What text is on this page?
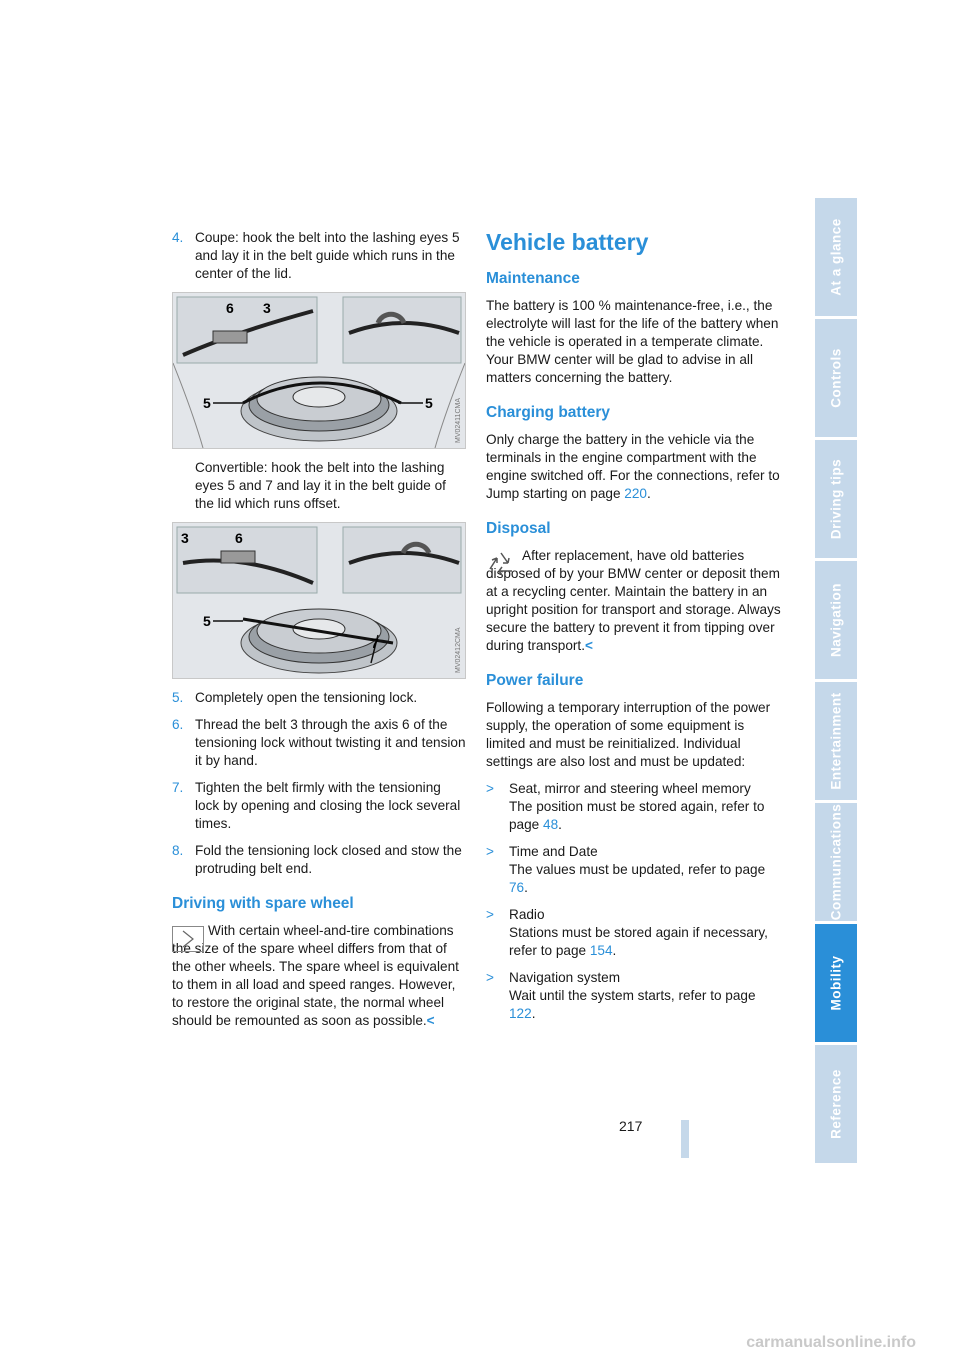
4. Coupe: hook the belt into the lashing eyes 5 and lay it in the belt guide which runs in the center of the lid.
6 3
5	5	MV02411CMA

Convertible: hook the belt into the lashing eyes 5 and 7 and lay it in the belt guide of the lid which runs offset.

3	6
5
7	MV02412CMA
5. Completely open the tensioning lock.
6. Thread the belt 3 through the axis 6 of the tensioning lock without twisting it and tension it by hand.
7. Tighten the belt firmly with the tensioning lock by opening and closing the lock several times.
8. Fold the tensioning lock closed and stow the protruding belt end.
Driving with spare wheel

With certain wheel-and-tire combinations the size of the spare wheel differs from that of the other wheels. The spare wheel is equivalent to them in all load and speed ranges. However, to restore the original state, the normal wheel should be remounted as soon as possible.<

Vehicle battery
Maintenance

The battery is 100 % maintenance-free, i.e., the electrolyte will last for the life of the battery when the vehicle is operated in a temperate climate.

Your BMW center will be glad to advise in all matters concerning the battery.

Charging battery

Only charge the battery in the vehicle via the terminals in the engine compartment with the engine switched off. For the connections, refer to Jump starting on page 220.

Disposal

After replacement, have old batteries disposed of by your BMW center or deposit them at a recycling center. Maintain the battery in an upright position for transport and storage. Always secure the battery to prevent it from tipping over during transport.<

Power failure

Following a temporary interruption of the power supply, the operation of some equipment is limited and must be reinitialized. Individual settings are also lost and must be updated:

>	Seat, mirror and steering wheel memory
The position must be stored again, refer to page 48.
>	Time and Date
The values must be updated, refer to page 76.
>	Radio
Stations must be stored again if necessary, refer to page 154.
>	Navigation system
Wait until the system starts, refer to page 122.
At a glance
Controls
Driving tips
Navigation
Entertainment
Communications
Mobility
Reference
217
carmanualsonline.info
